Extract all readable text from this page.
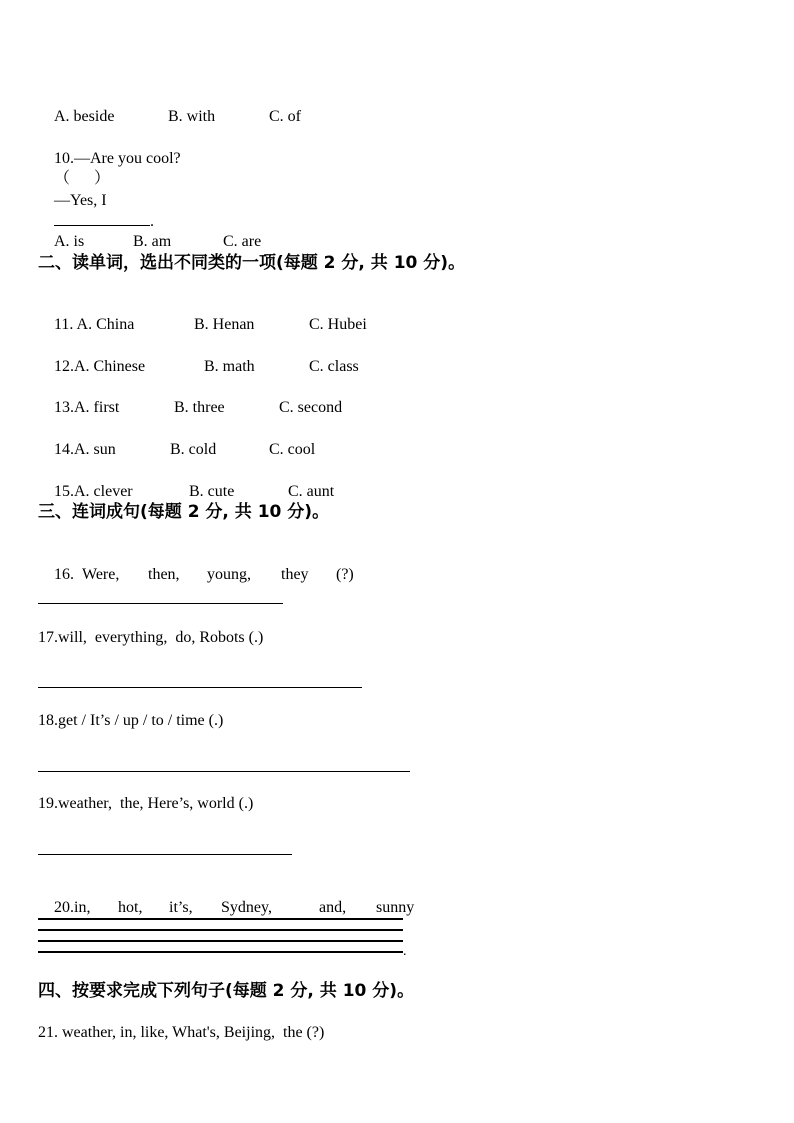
A. beside	B. with	C. of

10.—Are you cool?
（      ）

—Yes, I
.

A. is	B. am	C. are

二、读单词，选出不同类的一项(每题 2 分, 共 10 分)。

11. A. China	B. Henan	C. Hubei

12.A. Chinese	B. math	C. class

13.A. first	B. three	C. second

14.A. sun	B. cold	C. cool

15.A. clever	B. cute	C. aunt

三、连词成句(每题 2 分, 共 10 分)。

16. Were, then, young, they (?)

17.will,  everything,  do, Robots (.)
18.get / It’s / up / to / time (.)
19.weather,  the, Here’s, world (.)

20.in, hot, it’s, Sydney,	and, sunny

.
四、按要求完成下列句子(每题 2 分, 共 10 分)。
21. weather, in, like, What's, Beijing,  the (?)
